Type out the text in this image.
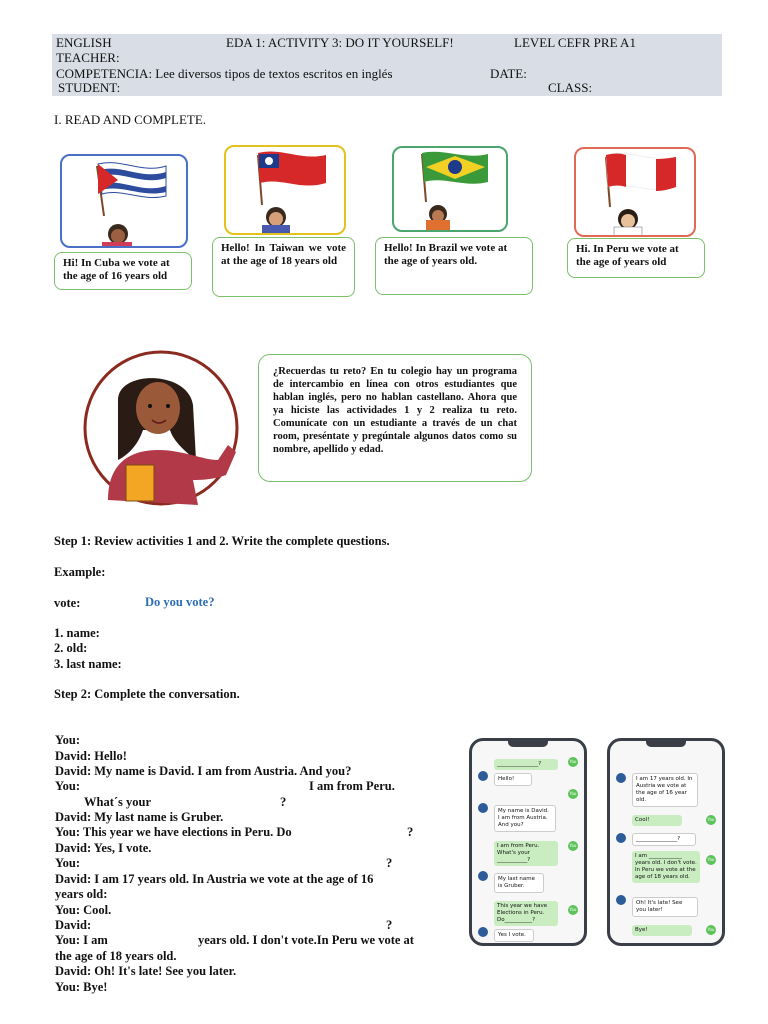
ENGLISH	EDA 1: ACTIVITY 3: DO IT YOURSELF!	LEVEL CEFR PRE A1
TEACHER:
COMPETENCIA: Lee diversos tipos de textos escritos en inglés	DATE:
STUDENT:	CLASS:
I. READ AND COMPLETE.
Hi! In Cuba we vote at the age of 16 years old
Hello! In Taiwan we vote at the age of 18 years old
Hello! In Brazil we vote at the age of years old.
Hi. In Peru we vote at the age of years old
¿Recuerdas tu reto? En tu colegio hay un programa de intercambio en línea con otros estudiantes que hablan inglés, pero no hablan castellano. Ahora que ya hiciste las actividades 1 y 2 realiza tu reto. Comunícate con un estudiante a través de un chat room, preséntate y pregúntale algunos datos como su nombre, apellido y edad.
Step 1: Review activities 1 and 2. Write the complete questions.
Example:
vote:	Do you vote?
1. name:
2. old:
3. last name:
Step 2: Complete the conversation.
You:
David: Hello!
David: My name is David. I am from Austria. And you?
You:	I am from Peru.
What´s your	?
David: My last name is Gruber.
You: This year we have elections in Peru. Do	?
David: Yes, I vote.
You:	?
David: I am 17 years old. In Austria we vote at the age of 16
years old:
You: Cool.
David:	?
You: I am	years old. I don't vote.In Peru we vote at
the age of 18 years old.
David: Oh! It's late! See you later.
You: Bye!
Hello!
_______________?	You
You
My name is David. I am from Austria. And you?
I am from Peru. What's your ___________?
You
My last name is Gruber.
This year we have Elections in Peru. Do__________?
You
Yes I vote.
I am 17 years old. In Austria we vote at the age of 16 year old.
Cool!	You
_______________?
I am ____________ years old. I don't vote. In Peru we vote at the age of 18 years old.
You
Oh! It's late! See you later!
Bye!	You
